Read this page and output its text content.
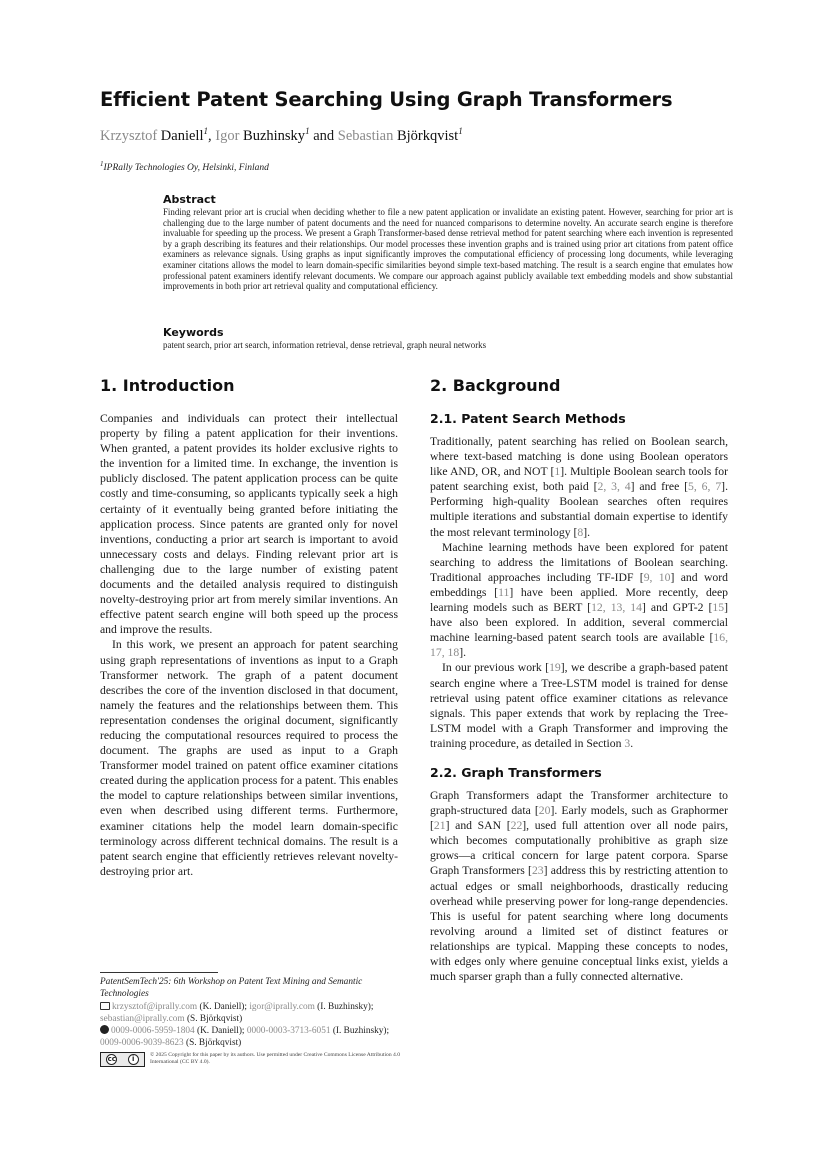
Efficient Patent Searching Using Graph Transformers
Krzysztof Daniell$^1$, Igor Buzhinsky$^1$ and Sebastian Björkqvist$^1$
$^1$IPRally Technologies Oy, Helsinki, Finland
Abstract

Finding relevant prior art is crucial when deciding whether to file a new patent application or invalidate an existing patent. However, searching for prior art is challenging due to the large number of patent documents and the need for nuanced comparisons to determine novelty. An accurate search engine is therefore invaluable for speeding up the process. We present a Graph Transformer-based dense retrieval method for patent searching where each invention is represented by a graph describing its features and their relationships. Our model processes these invention graphs and is trained using prior art citations from patent office examiners as relevance signals. Using graphs as input significantly improves the computational efficiency of processing long documents, while leveraging examiner citations allows the model to learn domain-specific similarities beyond simple text-based matching. The result is a search engine that emulates how professional patent examiners identify relevant documents. We compare our approach against publicly available text embedding models and show substantial improvements in both prior art retrieval quality and computational efficiency.

Keywords

patent search, prior art search, information retrieval, dense retrieval, graph neural networks

1. Introduction

Companies and individuals can protect their intellectual property by filing a patent application for their inventions. When granted, a patent provides its holder exclusive rights to the invention for a limited time. In exchange, the invention is publicly disclosed. The patent application process can be quite costly and time-consuming, so applicants typically seek a high certainty of it eventually being granted before initiating the application process. Since patents are granted only for novel inventions, conducting a prior art search is important to avoid unnecessary costs and delays. Finding relevant prior art is challenging due to the large number of existing patent documents and the detailed analysis required to distinguish novelty-destroying prior art from merely similar inventions. An effective patent search engine will both speed up the process and improve the results.

In this work, we present an approach for patent searching using graph representations of inventions as input to a Graph Transformer network. The graph of a patent document describes the core of the invention disclosed in that document, namely the features and the relationships between them. This representation condenses the original document, significantly reducing the computational resources required to process the document. The graphs are used as input to a Graph Transformer model trained on patent office examiner citations created during the application process for a patent. This enables the model to capture relationships between similar inventions, even when described using different terms. Furthermore, examiner citations help the model learn domain-specific terminology across different technical domains. The result is a patent search engine that efficiently retrieves relevant novelty-destroying prior art.

2. Background
2.1. Patent Search Methods

Traditionally, patent searching has relied on Boolean search, where text-based matching is done using Boolean operators like AND, OR, and NOT [1]. Multiple Boolean search tools for patent searching exist, both paid [2, 3, 4] and free [5, 6, 7]. Performing high-quality Boolean searches often requires multiple iterations and substantial domain expertise to identify the most relevant terminology [8].

Machine learning methods have been explored for patent searching to address the limitations of Boolean searching. Traditional approaches including TF-IDF [9, 10] and word embeddings [11] have been applied. More recently, deep learning models such as BERT [12, 13, 14] and GPT-2 [15] have also been explored. In addition, several commercial machine learning-based patent search tools are available [16, 17, 18].

In our previous work [19], we describe a graph-based patent search engine where a Tree-LSTM model is trained for dense retrieval using patent office examiner citations as relevance signals. This paper extends that work by replacing the Tree-LSTM model with a Graph Transformer and improving the training procedure, as detailed in Section 3.

2.2. Graph Transformers

Graph Transformers adapt the Transformer architecture to graph-structured data [20]. Early models, such as Graphormer [21] and SAN [22], used full attention over all node pairs, which becomes computationally prohibitive as graph size grows—a critical concern for large patent corpora. Sparse Graph Transformers [23] address this by restricting attention to actual edges or small neighborhoods, drastically reducing overhead while preserving power for long-range dependencies. This is useful for patent searching where long documents revolving around a limited set of distinct features or relationships are typical. Mapping these concepts to nodes, with edges only where genuine conceptual links exist, yields a much sparser graph than a fully connected alternative.

PatentSemTech'25: 6th Workshop on Patent Text Mining and Semantic Technologies
krzysztof@iprally.com (K. Daniell); igor@iprally.com (I. Buzhinsky); sebastian@iprally.com (S. Björkqvist)
0009-0006-5959-1804 (K. Daniell); 0000-0003-3713-6051 (I. Buzhinsky); 0009-0006-9039-8623 (S. Björkqvist)
cc	i	© 2025 Copyright for this paper by its authors. Use permitted under Creative Commons License Attribution 4.0 International (CC BY 4.0).
